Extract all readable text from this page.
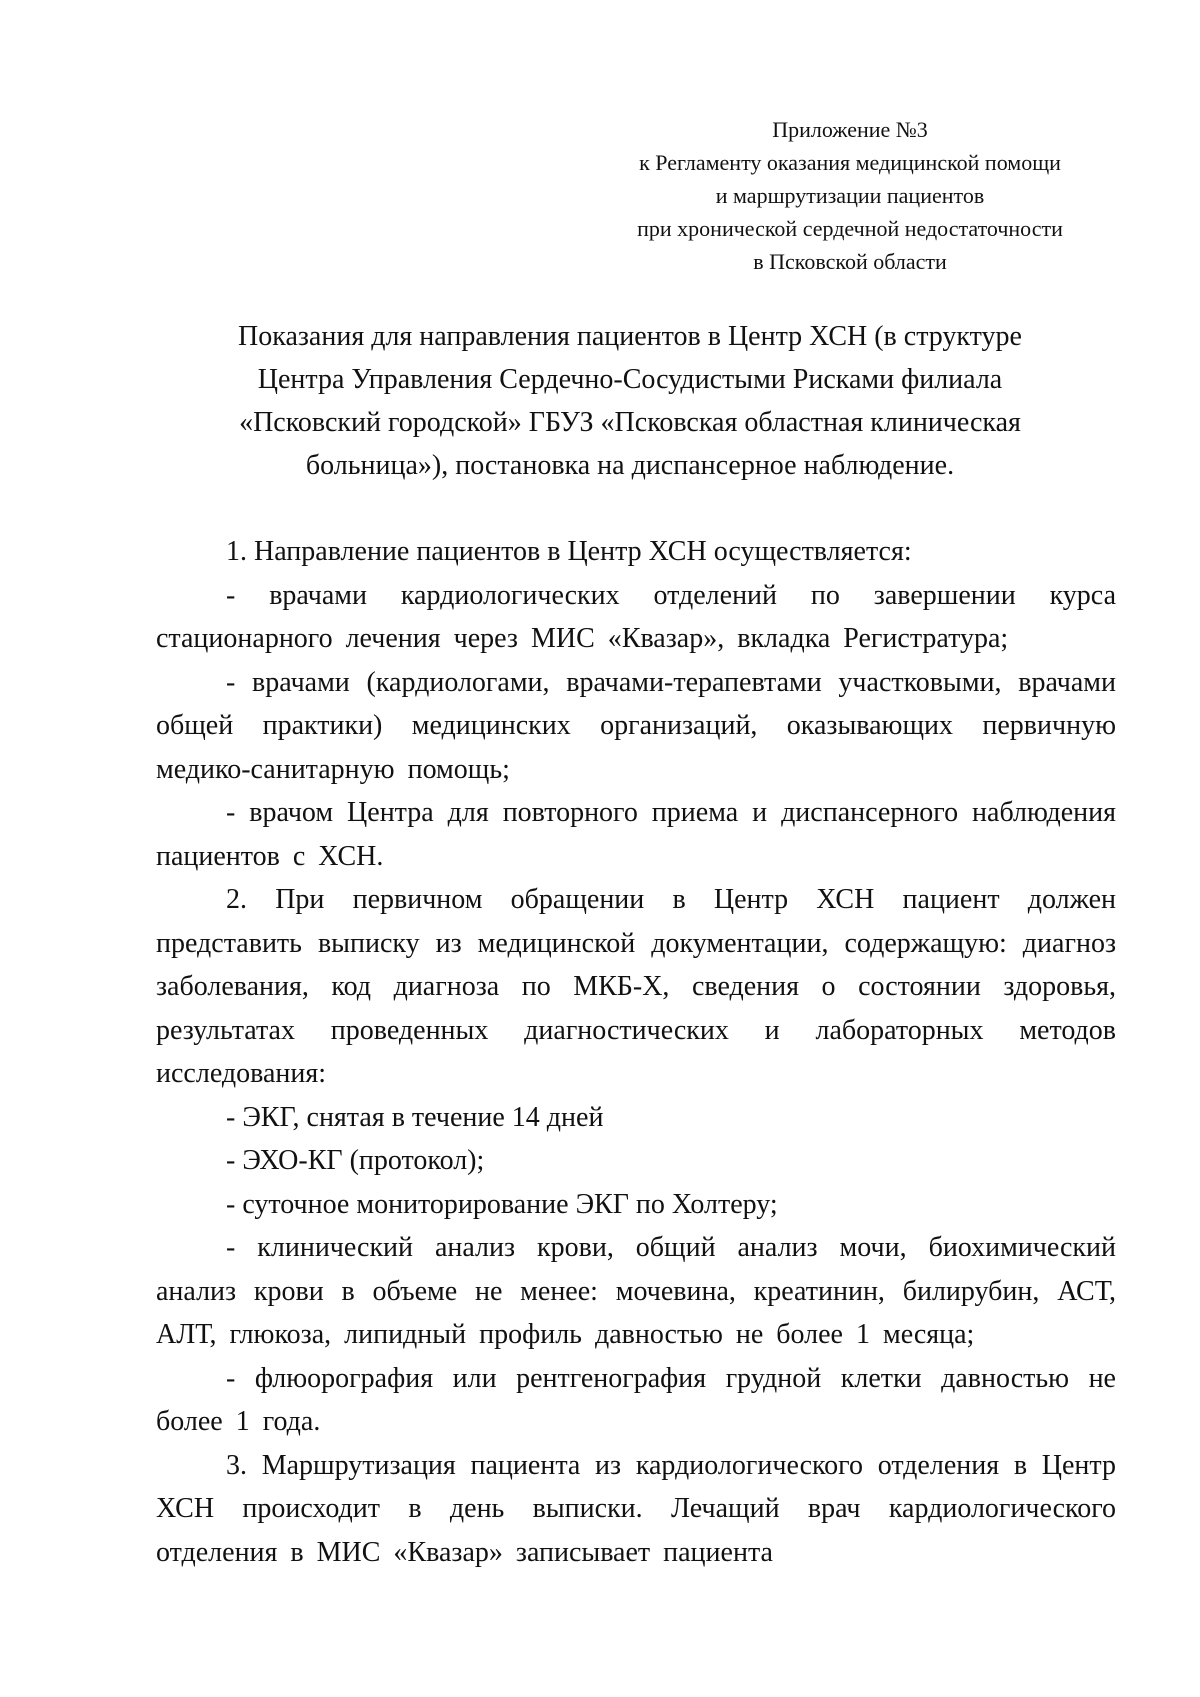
Приложение №3
к Регламенту оказания медицинской помощи
и маршрутизации пациентов
при хронической сердечной недостаточности
в Псковской области
Показания для направления пациентов в Центр ХСН (в структуре
Центра Управления Сердечно-Сосудистыми Рисками филиала
«Псковский городской» ГБУЗ «Псковская областная клиническая
больница»), постановка на диспансерное наблюдение.

1. Направление пациентов в Центр ХСН осуществляется:

- врачами кардиологических отделений по завершении курса стационарного лечения через МИС «Квазар», вкладка Регистратура;

- врачами (кардиологами, врачами-терапевтами участковыми, врачами общей практики) медицинских организаций, оказывающих первичную медико-санитарную помощь;

- врачом Центра для повторного приема и диспансерного наблюдения пациентов с ХСН.

2. При первичном обращении в Центр ХСН пациент должен представить выписку из медицинской документации, содержащую: диагноз заболевания, код диагноза по МКБ-Х, сведения о состоянии здоровья, результатах проведенных диагностических и лабораторных методов исследования:

- ЭКГ, снятая в течение 14 дней

- ЭХО-КГ (протокол);

- суточное мониторирование ЭКГ по Холтеру;

- клинический анализ крови, общий анализ мочи, биохимический анализ крови в объеме не менее: мочевина, креатинин, билирубин, АСТ, АЛТ, глюкоза, липидный профиль давностью не более 1 месяца;

- флюорография или рентгенография грудной клетки давностью не более 1 года.

3. Маршрутизация пациента из кардиологического отделения в Центр ХСН происходит в день выписки. Лечащий врач кардиологического отделения в МИС «Квазар» записывает пациента
